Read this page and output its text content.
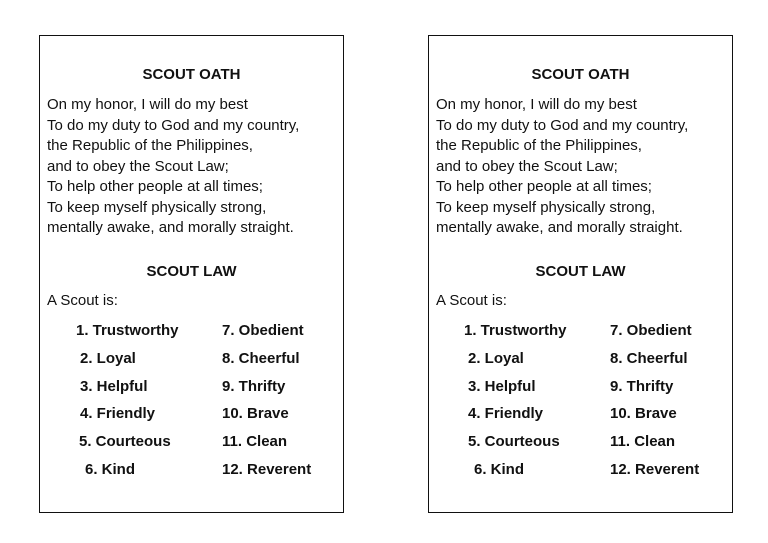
SCOUT OATH
On my honor, I will do my best
To do my duty to God and my country,
the Republic of the Philippines,
and to obey the Scout Law;
To help other people at all times;
To keep myself physically strong,
mentally awake, and morally straight.
SCOUT LAW
A Scout is:
1. Trustworthy
2. Loyal
3. Helpful
4. Friendly
5. Courteous
6. Kind
7. Obedient
8. Cheerful
9. Thrifty
10. Brave
11. Clean
12. Reverent
SCOUT OATH
On my honor, I will do my best
To do my duty to God and my country,
the Republic of the Philippines,
and to obey the Scout Law;
To help other people at all times;
To keep myself physically strong,
mentally awake, and morally straight.
SCOUT LAW
A Scout is:
1. Trustworthy
2. Loyal
3. Helpful
4. Friendly
5. Courteous
6. Kind
7. Obedient
8. Cheerful
9. Thrifty
10. Brave
11. Clean
12. Reverent
